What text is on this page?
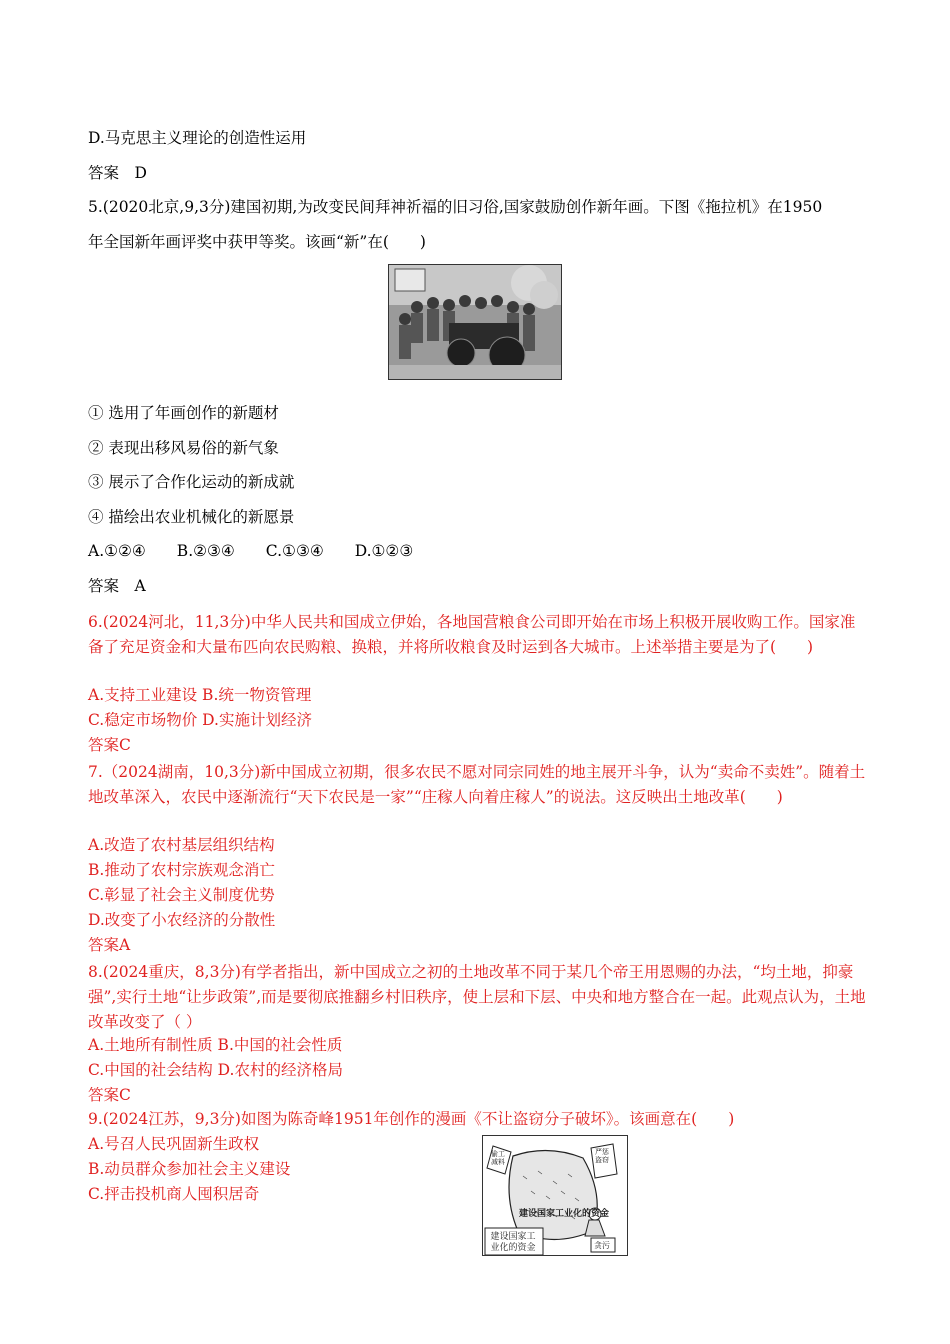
D.马克思主义理论的创造性运用
答案　D
5.(2020北京,9,3分)建国初期,为改变民间拜神祈福的旧习俗,国家鼓励创作新年画。下图《拖拉机》在1950
年全国新年画评奖中获甲等奖。该画“新”在(　　)
① 选用了年画创作的新题材
② 表现出移风易俗的新气象
③ 展示了合作化运动的新成就
④ 描绘出农业机械化的新愿景
A.①②④　　B.②③④　　C.①③④　　D.①②③
答案　A
6.(2024河北，11,3分)中华人民共和国成立伊始，各地国营粮食公司即开始在市场上积极开展收购工作。国家准备了充足资金和大量布匹向农民购粮、换粮，并将所收粮食及时运到各大城市。上述举措主要是为了(　　)
A.支持工业建设 B.统一物资管理
C.稳定市场物价 D.实施计划经济
答案C
7.（2024湖南，10,3分)新中国成立初期，很多农民不愿对同宗同姓的地主展开斗争，认为“卖命不卖姓”。随着土地改革深入，农民中逐渐流行“天下农民是一家”“庄稼人向着庄稼人”的说法。这反映出土地改革(　　)
A.改造了农村基层组织结构
B.推动了农村宗族观念消亡
C.彰显了社会主义制度优势
D.改变了小农经济的分散性
答案A
8.(2024重庆，8,3分)有学者指出，新中国成立之初的土地改革不同于某几个帝王用恩赐的办法，“均土地，抑豪强”,实行土地“让步政策”,而是要彻底推翻乡村旧秩序，使上层和下层、中央和地方整合在一起。此观点认为，土地改革改变了（ ）
A.土地所有制性质 B.中国的社会性质
C.中国的社会结构 D.农村的经济格局
答案C
9.(2024江苏，9,3分)如图为陈奇峰1951年创作的漫画《不让盗窃分子破坏》。该画意在(　　)
A.号召人民巩固新生政权
B.动员群众参加社会主义建设
C.抨击投机商人囤积居奇
建设国家工业化的资金
建设国家工业化的资金
偷工减料
严惩盗窃
贪污
